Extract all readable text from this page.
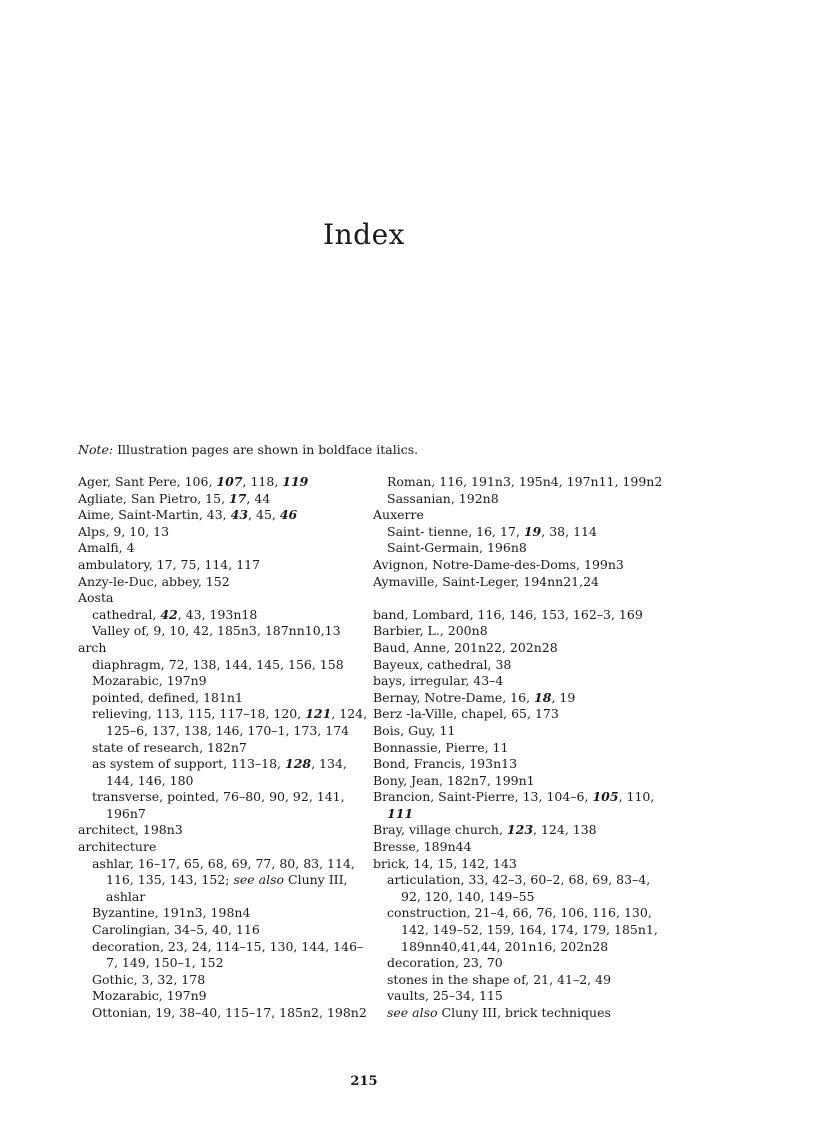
Index
Note: Illustration pages are shown in boldface italics.
Ager, Sant Pere, 106, 107, 118, 119
Agliate, San Pietro, 15, 17, 44
Aime, Saint-Martin, 43, 43, 45, 46
Alps, 9, 10, 13
Amalfi, 4
ambulatory, 17, 75, 114, 117
Anzy-le-Duc, abbey, 152
Aosta
cathedral, 42, 43, 193n18
Valley of, 9, 10, 42, 185n3, 187nn10,13
arch
diaphragm, 72, 138, 144, 145, 156, 158
Mozarabic, 197n9
pointed, defined, 181n1
relieving, 113, 115, 117–18, 120, 121, 124, 125–6, 137, 138, 146, 170–1, 173, 174
state of research, 182n7
as system of support, 113–18, 128, 134, 144, 146, 180
transverse, pointed, 76–80, 90, 92, 141, 196n7
architect, 198n3
architecture
ashlar, 16–17, 65, 68, 69, 77, 80, 83, 114, 116, 135, 143, 152; see also Cluny III, ashlar
Byzantine, 191n3, 198n4
Carolingian, 34–5, 40, 116
decoration, 23, 24, 114–15, 130, 144, 146–7, 149, 150–1, 152
Gothic, 3, 32, 178
Mozarabic, 197n9
Ottonian, 19, 38–40, 115–17, 185n2, 198n2
Roman, 116, 191n3, 195n4, 197n11, 199n2
Sassanian, 192n8
Auxerre
Saint- tienne, 16, 17, 19, 38, 114
Saint-Germain, 196n8
Avignon, Notre-Dame-des-Doms, 199n3
Aymaville, Saint-Leger, 194nn21,24
band, Lombard, 116, 146, 153, 162–3, 169
Barbier, L., 200n8
Baud, Anne, 201n22, 202n28
Bayeux, cathedral, 38
bays, irregular, 43–4
Bernay, Notre-Dame, 16, 18, 19
Berz -la-Ville, chapel, 65, 173
Bois, Guy, 11
Bonnassie, Pierre, 11
Bond, Francis, 193n13
Bony, Jean, 182n7, 199n1
Brancion, Saint-Pierre, 13, 104–6, 105, 110, 111
Bray, village church, 123, 124, 138
Bresse, 189n44
brick, 14, 15, 142, 143
articulation, 33, 42–3, 60–2, 68, 69, 83–4, 92, 120, 140, 149–55
construction, 21–4, 66, 76, 106, 116, 130, 142, 149–52, 159, 164, 174, 179, 185n1, 189nn40,41,44, 201n16, 202n28
decoration, 23, 70
stones in the shape of, 21, 41–2, 49
vaults, 25–34, 115
see also Cluny III, brick techniques
215
